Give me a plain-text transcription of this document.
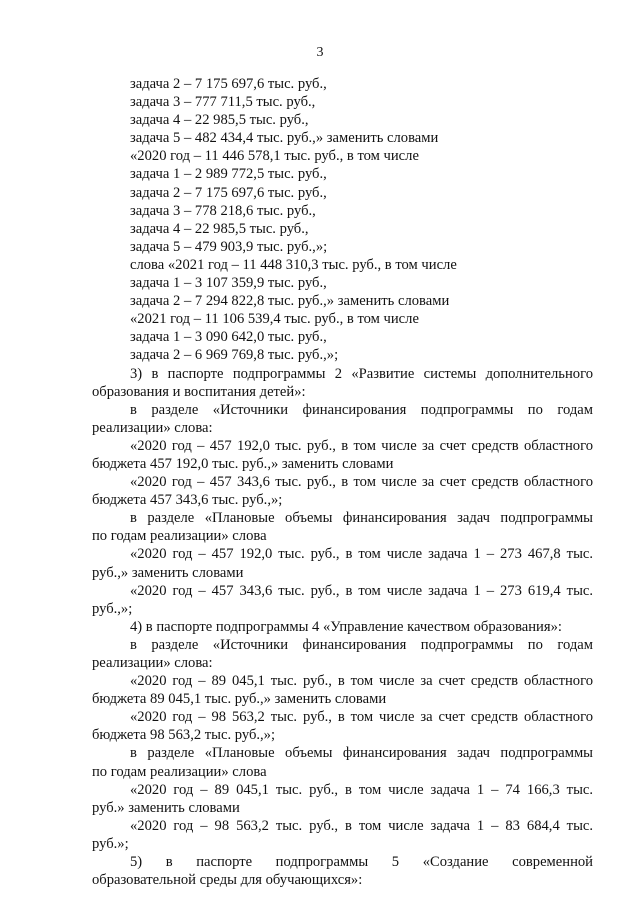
3
задача 2 – 7 175 697,6 тыс. руб.,
задача 3 – 777 711,5 тыс. руб.,
задача 4 – 22 985,5 тыс. руб.,
задача 5 – 482 434,4 тыс. руб.,» заменить словами
«2020 год – 11 446 578,1 тыс. руб., в том числе
задача 1 – 2 989 772,5 тыс. руб.,
задача 2 – 7 175 697,6 тыс. руб.,
задача 3 – 778 218,6 тыс. руб.,
задача 4 – 22 985,5 тыс. руб.,
задача 5 – 479 903,9 тыс. руб.,»;
слова «2021 год – 11 448 310,3 тыс. руб., в том числе
задача 1 – 3 107 359,9 тыс. руб.,
задача 2 – 7 294 822,8 тыс. руб.,» заменить словами
«2021 год – 11 106 539,4 тыс. руб., в том числе
задача 1 – 3 090 642,0 тыс. руб.,
задача 2 – 6 969 769,8 тыс. руб.,»;
3) в паспорте подпрограммы 2 «Развитие системы дополнительного
образования и воспитания детей»:
в разделе «Источники финансирования подпрограммы по годам
реализации» слова:
«2020 год – 457 192,0 тыс. руб., в том числе за счет средств областного
бюджета 457 192,0 тыс. руб.,» заменить словами
«2020 год – 457 343,6 тыс. руб., в том числе за счет средств областного
бюджета 457 343,6 тыс. руб.,»;
в разделе «Плановые объемы финансирования задач подпрограммы
по годам реализации» слова
«2020 год – 457 192,0 тыс. руб., в том числе задача 1 – 273 467,8 тыс.
руб.,» заменить словами
«2020 год – 457 343,6 тыс. руб., в том числе задача 1 – 273 619,4 тыс.
руб.,»;
4) в паспорте подпрограммы 4 «Управление качеством образования»:
в разделе «Источники финансирования подпрограммы по годам
реализации» слова:
«2020 год – 89 045,1 тыс. руб., в том числе за счет средств областного
бюджета 89 045,1 тыс. руб.,» заменить словами
«2020 год – 98 563,2 тыс. руб., в том числе за счет средств областного
бюджета 98 563,2 тыс. руб.,»;
в разделе «Плановые объемы финансирования задач подпрограммы
по годам реализации» слова
«2020 год – 89 045,1 тыс. руб., в том числе задача 1 – 74 166,3 тыс.
руб.» заменить словами
«2020 год – 98 563,2 тыс. руб., в том числе задача 1 – 83 684,4 тыс.
руб.»;
5) в паспорте подпрограммы 5 «Создание современной
образовательной среды для обучающихся»:
